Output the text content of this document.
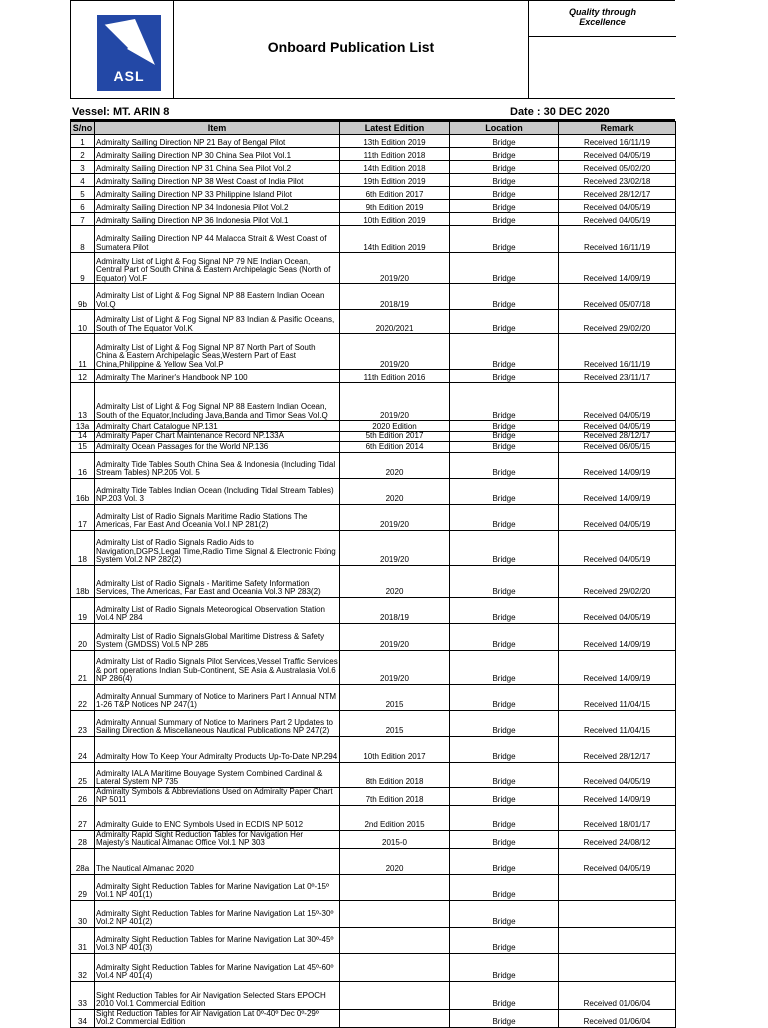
ASL
Onboard Publication List
Quality through
Excellence
Vessel: MT. ARIN 8	Date : 30 DEC 2020
S/no	Item	Latest Edition	Location	Remark
1	Admiralty Sailling Direction NP 21 Bay of Bengal Pilot	13th Edition 2019	Bridge	Received 16/11/19
2	Admiralty Sailing Direction NP 30 China Sea Pilot Vol.1	11th Edition 2018	Bridge	Received 04/05/19
3	Admiralty Sailing Direction NP 31 China Sea Pilot Vol.2	14th Edition 2018	Bridge	Received 05/02/20
4	Admiralty Sailing Direction NP 38 West Coast of India Pilot	19th Edition 2019	Bridge	Received 23/02/18
5	Admiralty Sailing Direction NP 33 Philippine Island Pilot	6th Edition 2017	Bridge	Received 28/12/17
6	Admiralty Sailing Direction NP 34 Indonesia Pilot Vol.2	9th Edition 2019	Bridge	Received 04/05/19
7	Admiralty Sailing Direction NP 36 Indonesia Pilot Vol.1	10th Edition 2019	Bridge	Received 04/05/19
8	Admiralty Sailing Direction NP 44 Malacca Strait & West Coast of Sumatera Pilot	14th Edition 2019	Bridge	Received 16/11/19
9	Admiralty List of Light & Fog Signal NP 79 NE Indian Ocean, Central Part of South China & Eastern Archipelagic Seas (North of Equator) Vol.F	2019/20	Bridge	Received 14/09/19
9b	Admiralty List of Light & Fog Signal NP 88 Eastern Indian Ocean Vol.Q	2018/19	Bridge	Received 05/07/18
10	Admiralty List of Light & Fog Signal NP 83 Indian & Pasific Oceans, South of The Equator Vol.K	2020/2021	Bridge	Received 29/02/20
11	Admiralty List of Light & Fog Signal NP 87 North Part of South China & Eastern Archipelagic Seas,Western Part of East China,Philippine & Yellow Sea Vol.P	2019/20	Bridge	Received 16/11/19
12	Admiralty The Mariner's Handbook NP 100	11th Edition 2016	Bridge	Received 23/11/17
13	Admiralty List of Light & Fog Signal NP 88 Eastern Indian Ocean, South of the Equator,Including Java,Banda and Timor Seas Vol.Q	2019/20	Bridge	Received 04/05/19
13a	Admiralty Chart Catalogue NP.131	2020 Edition	Bridge	Received 04/05/19
14	Admiralty Paper Chart Maintenance Record NP.133A	5th Edition 2017	Bridge	Received 28/12/17
15	Admiralty Ocean Passages for the World NP.136	6th Edition 2014	Bridge	Received 06/05/15
16	Admiralty Tide Tables South China Sea & Indonesia (Including Tidal Stream Tables) NP.205 Vol. 5	2020	Bridge	Received 14/09/19
16b	Admiralty Tide Tables Indian Ocean (Including Tidal Stream Tables) NP.203 Vol. 3	2020	Bridge	Received 14/09/19
17	Admiralty List of Radio Signals Maritime Radio Stations The Americas, Far East And Oceania Vol.I NP 281(2)	2019/20	Bridge	Received 04/05/19
18	Admiralty List of Radio Signals Radio Aids to Navigation,DGPS,Legal Time,Radio Time Signal & Electronic Fixing System Vol.2 NP 282(2)	2019/20	Bridge	Received 04/05/19
18b	Admiralty List of Radio Signals - Maritime Safety Information Services, The Americas, Far East and Oceania Vol.3 NP 283(2)	2020	Bridge	Received 29/02/20
19	Admiralty List of Radio Signals Meteorogical Observation Station Vol.4 NP 284	2018/19	Bridge	Received 04/05/19
20	Admiralty List of Radio SignalsGlobal Maritime Distress & Safety System (GMDSS) Vol.5 NP 285	2019/20	Bridge	Received 14/09/19
21	Admiralty List of Radio Signals Pilot Services,Vessel Traffic Services & port operations Indian Sub-Continent, SE Asia & Australasia Vol.6 NP 286(4)	2019/20	Bridge	Received 14/09/19
22	Admiralty Annual Summary of Notice to Mariners Part I Annual NTM 1-26 T&P Notices NP 247(1)	2015	Bridge	Received 11/04/15
23	Admiralty Annual Summary of Notice to Mariners Part 2 Updates to Sailing Direction & Miscellaneous Nautical Publications NP 247(2)	2015	Bridge	Received 11/04/15
24	Admiralty How To Keep Your Admiralty Products Up-To-Date NP.294	10th Edition 2017	Bridge	Received 28/12/17
25	Admiralty IALA Maritime Bouyage System Combined Cardinal & Lateral System NP 735	8th Edition 2018	Bridge	Received 04/05/19
26	Admiralty Symbols & Abbreviations Used on Admiralty Paper Chart NP 5011	7th Edition 2018	Bridge	Received 14/09/19
27	Admiralty Guide to ENC Symbols Used in ECDIS NP 5012	2nd Edition 2015	Bridge	Received 18/01/17
28	Admiralty Rapid Sight Reduction Tables for Navigation Her Majesty's Nautical Almanac Office Vol.1 NP 303	2015-0	Bridge	Received 24/08/12
28a	The Nautical Almanac 2020	2020	Bridge	Received 04/05/19
29	Admiralty Sight Reduction Tables for Marine Navigation Lat 0º-15º Vol.1 NP 401(1)		Bridge	
30	Admiralty Sight Reduction Tables for Marine Navigation Lat 15º-30º Vol.2 NP 401(2)		Bridge	
31	Admiralty Sight Reduction Tables for Marine Navigation Lat 30º-45º Vol.3 NP 401(3)		Bridge	
32	Admiralty Sight Reduction Tables for Marine Navigation Lat 45º-60º Vol.4 NP 401(4)		Bridge	
33	Sight Reduction Tables for Air Navigation Selected Stars EPOCH 2010 Vol.1 Commercial Edition		Bridge	Received 01/06/04
34	Sight Reduction Tables for Air Navigation Lat 0º-40º Dec 0º-29º Vol.2 Commercial Edition		Bridge	Received 01/06/04
